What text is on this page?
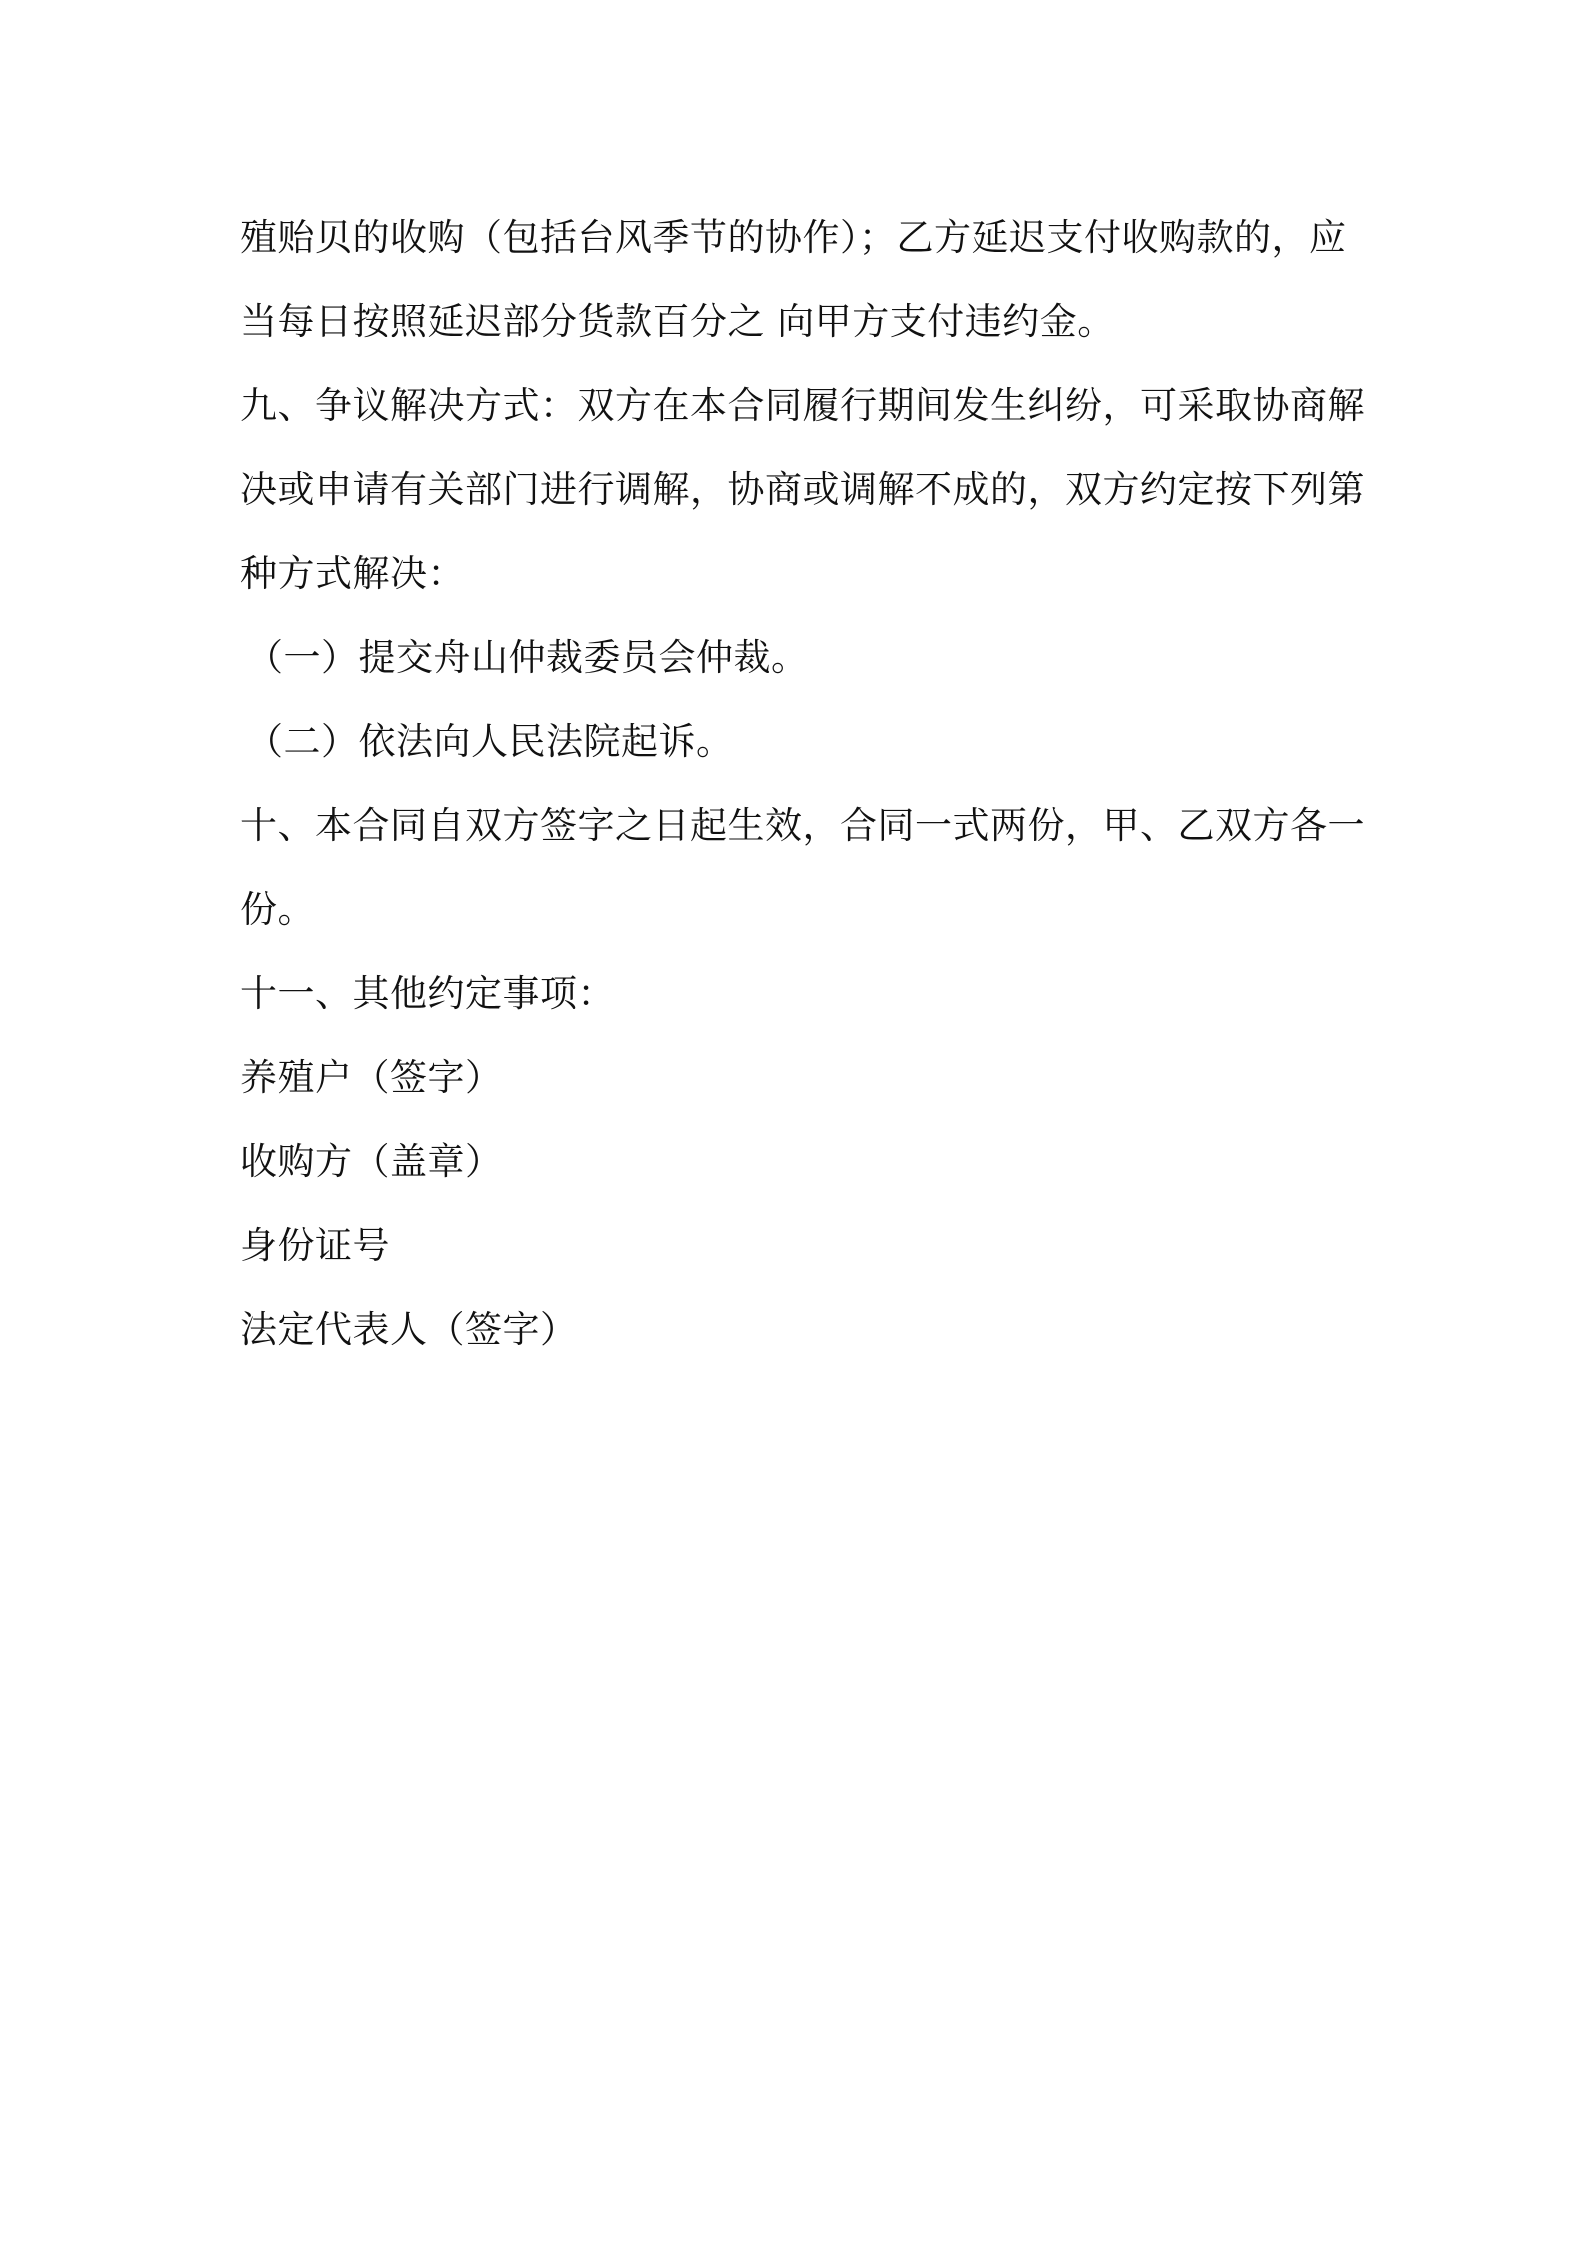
殖贻贝的收购（包括台风季节的协作）；乙方延迟支付收购款的，应
当每日按照延迟部分货款百分之 向甲方支付违约金。
九、争议解决方式：双方在本合同履行期间发生纠纷，可采取协商解
决或申请有关部门进行调解，协商或调解不成的，双方约定按下列第
种方式解决：
（一）提交舟山仲裁委员会仲裁。
（二）依法向人民法院起诉。
十、本合同自双方签字之日起生效，合同一式两份，甲、乙双方各一
份。
十一、其他约定事项：
养殖户（签字）
收购方（盖章）
身份证号
法定代表人（签字）
